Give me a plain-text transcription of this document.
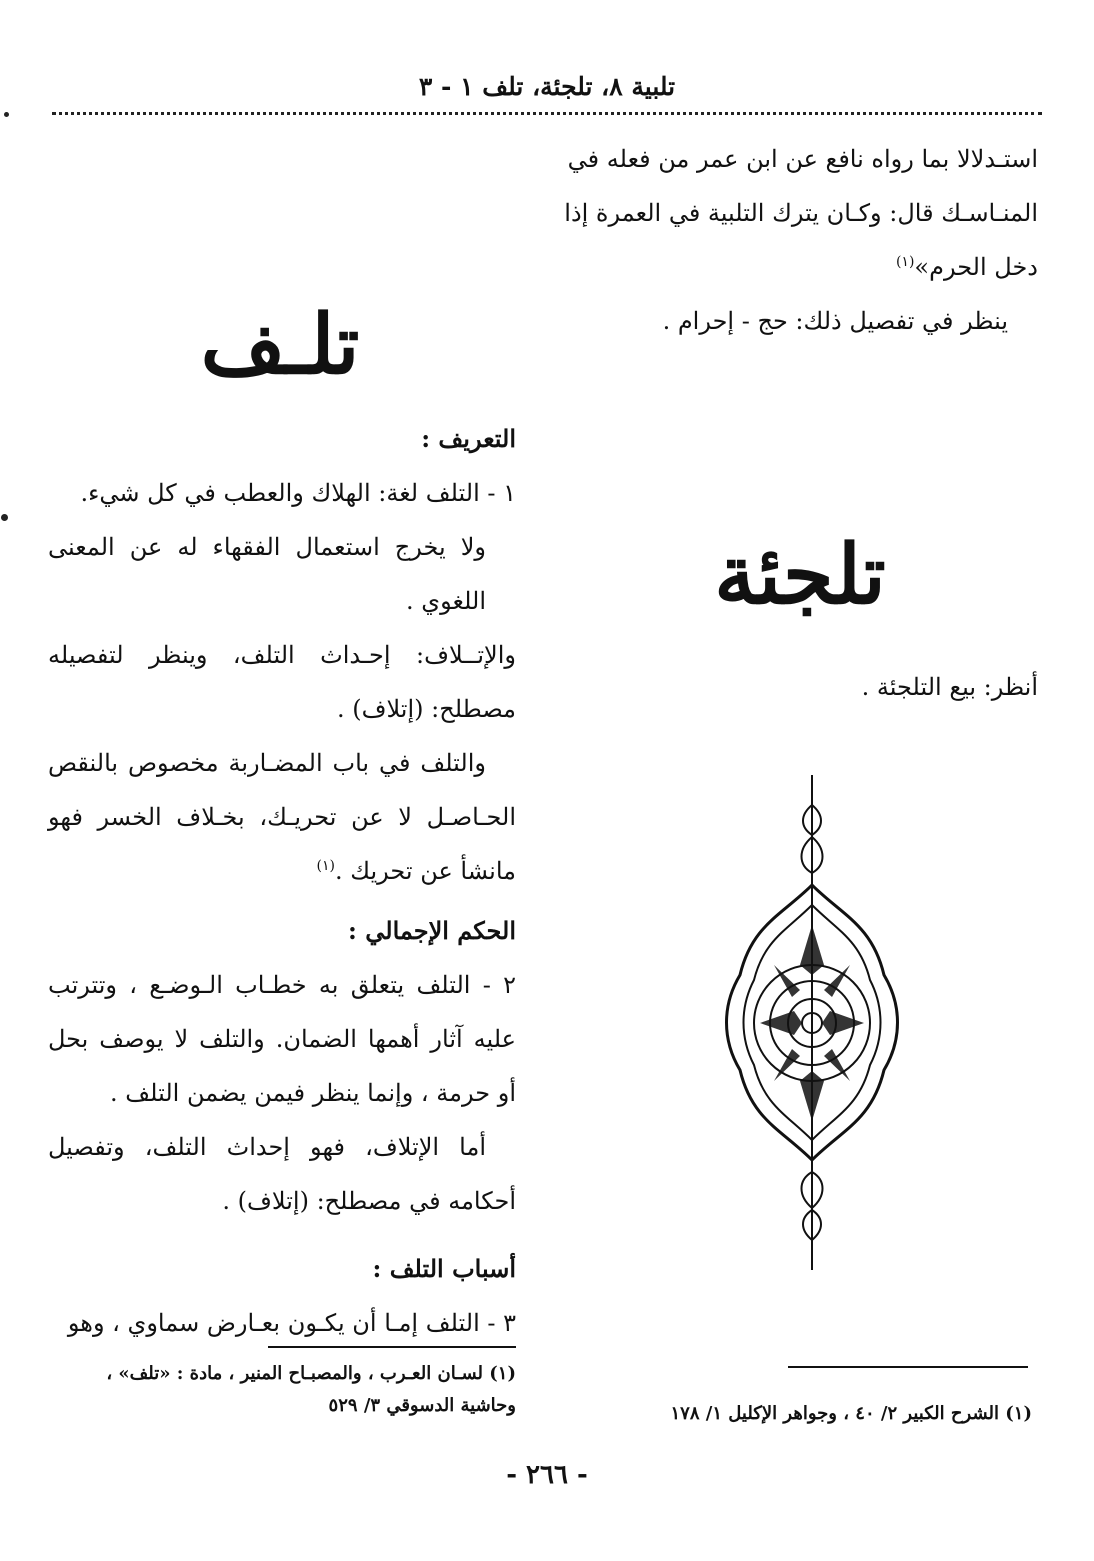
تلبية ٨، تلجئة، تلف ١ - ٣

استـدلالا بما رواه نافع عن ابن عمر من فعله في

المنـاسـك قال: وكـان يترك التلبية في العمرة إذا

دخل الحرم»$^{(١)}$

ينظر في تفصيل ذلك: حج - إحرام .

تلجئة

أنظر: بيع التلجئة .

(١) الشرح الكبير ٢/ ٤٠ ، وجواهر الإكليل ١/ ١٧٨
تلـف

التعريف :

١ - التلف لغة: الهلاك والعطب في كل شيء.

ولا يخرج استعمال الفقهاء له عن المعنى اللغوي .

والإتــلاف: إحـداث التلف، وينظر لتفصيله مصطلح: (إتلاف) .

والتلف في باب المضـاربة مخصوص بالنقص الحـاصـل لا عن تحريـك، بخـلاف الخسر فهو مانشأ عن تحريك .$^{(١)}$

الحكم الإجمالي :

٢ - التلف يتعلق به خطـاب الـوضـع ، وتترتب عليه آثار أهمها الضمان. والتلف لا يوصف بحل أو حرمة ، وإنما ينظر فيمن يضمن التلف .

أما الإتلاف، فهو إحداث التلف، وتفصيل أحكامه في مصطلح: (إتلاف) .

أسباب التلف :

٣ - التلف إمـا أن يكـون بعـارض سماوي ، وهو

(١) لسـان العـرب ، والمصبـاح المنير ، مادة : «تلف» ، وحاشية الدسوقي ٣/ ٥٢٩
- ٢٦٦ -
